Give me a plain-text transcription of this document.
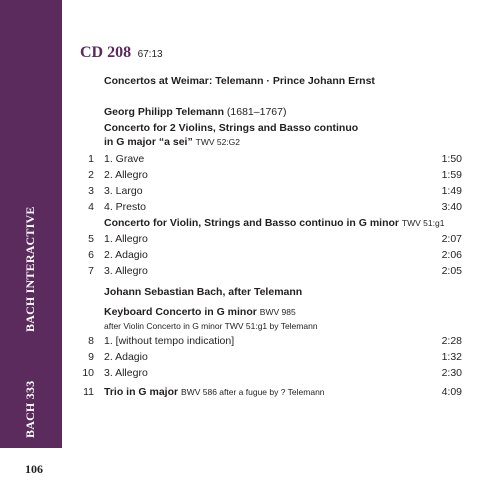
BACH INTERACTIVE
BACH 333
106
CD 208 67:13
Concertos at Weimar: Telemann · Prince Johann Ernst
Georg Philipp Telemann (1681–1767)
Concerto for 2 Violins, Strings and Basso continuo
in G major “a sei” TWV 52:G2
1 1. Grave	1:50
2 2. Allegro	1:59
3 3. Largo	1:49
4 4. Presto	3:40
Concerto for Violin, Strings and Basso continuo in G minor TWV 51:g1
5 1. Allegro	2:07
6 2. Adagio	2:06
7 3. Allegro	2:05
Johann Sebastian Bach, after Telemann
Keyboard Concerto in G minor BWV 985
after Violin Concerto in G minor TWV 51:g1 by Telemann
8 1. [without tempo indication]	2:28
9 2. Adagio	1:32
10 3. Allegro	2:30
11 Trio in G major BWV 586 after a fugue by ? Telemann	4:09
